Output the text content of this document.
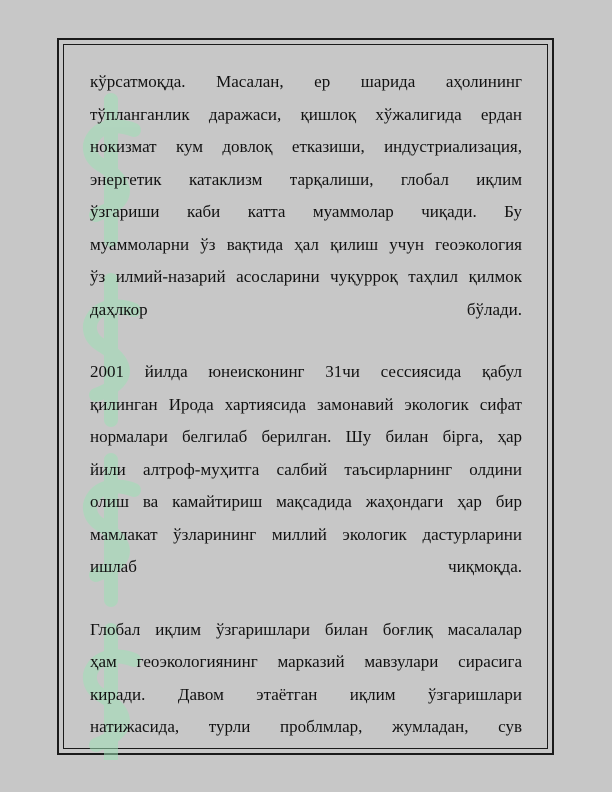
кўрсатмоқда. Масалан, ер шарида аҳолининг
тўпланганлик даражаси, қишлоқ хўжалигида ердан
нокизмат кум довлоқ етказиши, индустриализация,
энергетик катаклизм тарқалиши, глобал иқлим
ўзгариши каби катта муаммолар чиқади. Бу
муаммоларни ўз вақтида ҳал қилиш учун геоэкология
ўз илмий-назарий асосларини чуқурроқ таҳлил қилмок
даҳлкор бўлади.
2001 йилда юнеисконинг 31чи сессиясида қабул
қилинган Ирода хартиясида замонавий экологик сифат
нормалари белгилаб берилган. Шу билан бірга, ҳар
йили алтроф-муҳитга салбий таъсирларнинг олдини
олиш ва камайтириш мақсадида жаҳондаги ҳар бир
мамлакат ўзларининг миллий экологик дастурларини
ишлаб чиқмоқда.
Глобал иқлим ўзгаришлари билан боғлиқ масалалар
ҳам геоэкологиянинг марказий мавзулари сирасига
киради. Давом этаётган иқлим ўзгаришлари
натижасида, турли проблмлар, жумладан, сув
